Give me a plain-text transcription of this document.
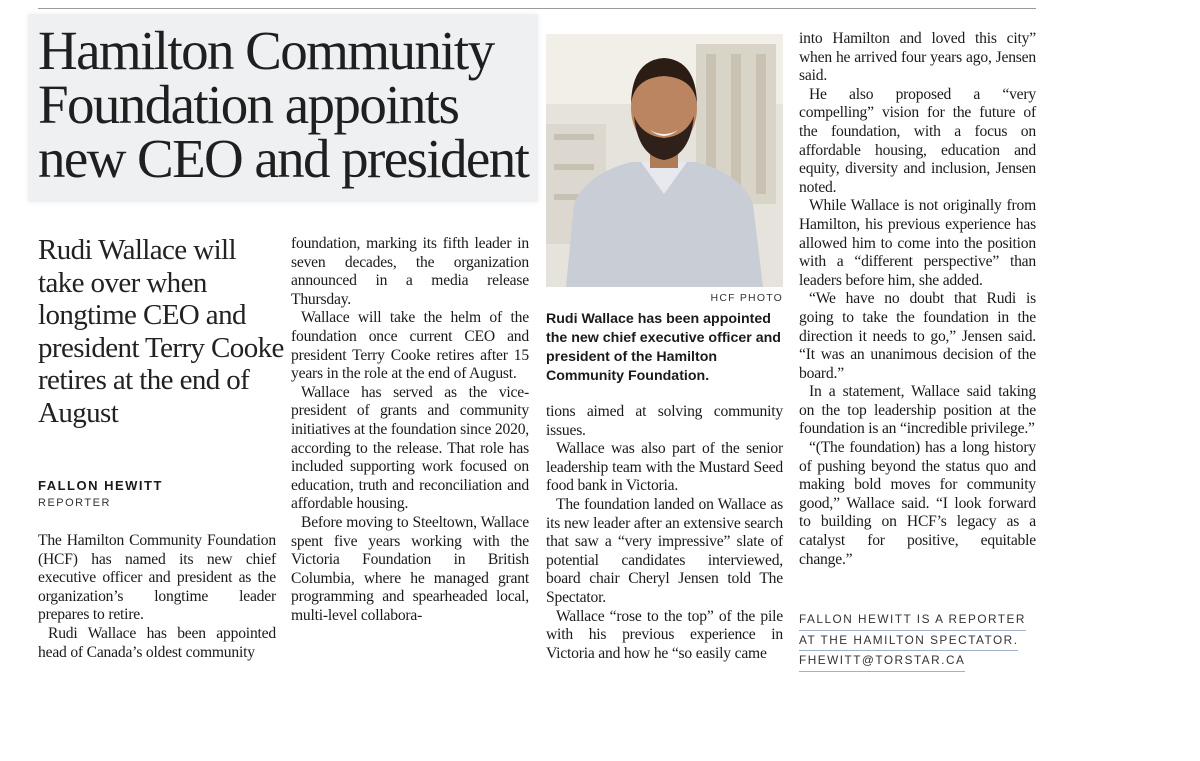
Hamilton Community Foundation appoints new CEO and president
Rudi Wallace will take over when longtime CEO and president Terry Cooke retires at the end of August
FALLON HEWITT
REPORTER

The Hamilton Community Foundation (HCF) has named its new chief executive officer and president as the organization’s longtime leader prepares to retire.

Rudi Wallace has been appointed head of Canada’s oldest community

foundation, marking its fifth leader in seven decades, the organization announced in a media release Thursday.

Wallace will take the helm of the foundation once current CEO and president Terry Cooke retires after 15 years in the role at the end of August.

Wallace has served as the vice-president of grants and community initiatives at the foundation since 2020, according to the release. That role has included supporting work focused on education, truth and reconciliation and affordable housing.

Before moving to Steeltown, Wallace spent five years working with the Victoria Foundation in British Columbia, where he managed grant programming and spearheaded local, multi-level collabora-

HCF PHOTO

Rudi Wallace has been appointed the new chief executive officer and president of the Hamilton Community Foundation.

tions aimed at solving community issues.

Wallace was also part of the senior leadership team with the Mustard Seed food bank in Victoria.

The foundation landed on Wallace as its new leader after an extensive search that saw a “very impressive” slate of potential candidates interviewed, board chair Cheryl Jensen told The Spectator.

Wallace “rose to the top” of the pile with his previous experience in Victoria and how he “so easily came

into Hamilton and loved this city” when he arrived four years ago, Jensen said.

He also proposed a “very compelling” vision for the future of the foundation, with a focus on affordable housing, education and equity, diversity and inclusion, Jensen noted.

While Wallace is not originally from Hamilton, his previous experience has allowed him to come into the position with a “different perspective” than leaders before him, she added.

“We have no doubt that Rudi is going to take the foundation in the direction it needs to go,” Jensen said. “It was an unanimous decision of the board.”

In a statement, Wallace said taking on the top leadership position at the foundation is an “incredible privilege.”

“(The foundation) has a long history of pushing beyond the status quo and making bold moves for community good,” Wallace said. “I look forward to building on HCF’s legacy as a catalyst for positive, equitable change.”

FALLON HEWITT IS A REPORTER
AT THE HAMILTON SPECTATOR.
FHEWITT@TORSTAR.CA
